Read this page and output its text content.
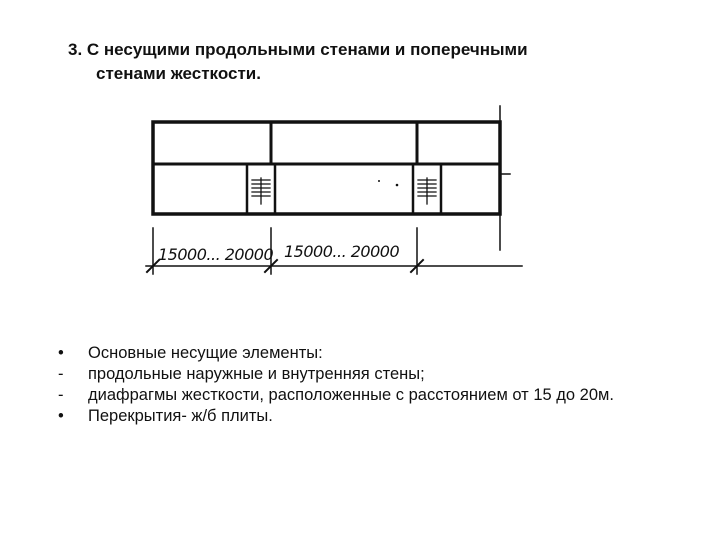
3. С несущими продольными стенами и поперечными
стенами жесткости.
15000... 20000 15000... 20000
•	Основные несущие элементы:
-	продольные наружные и внутренняя стены;
-	диафрагмы жесткости, расположенные с расстоянием от 15 до 20м.
•	Перекрытия- ж/б плиты.
